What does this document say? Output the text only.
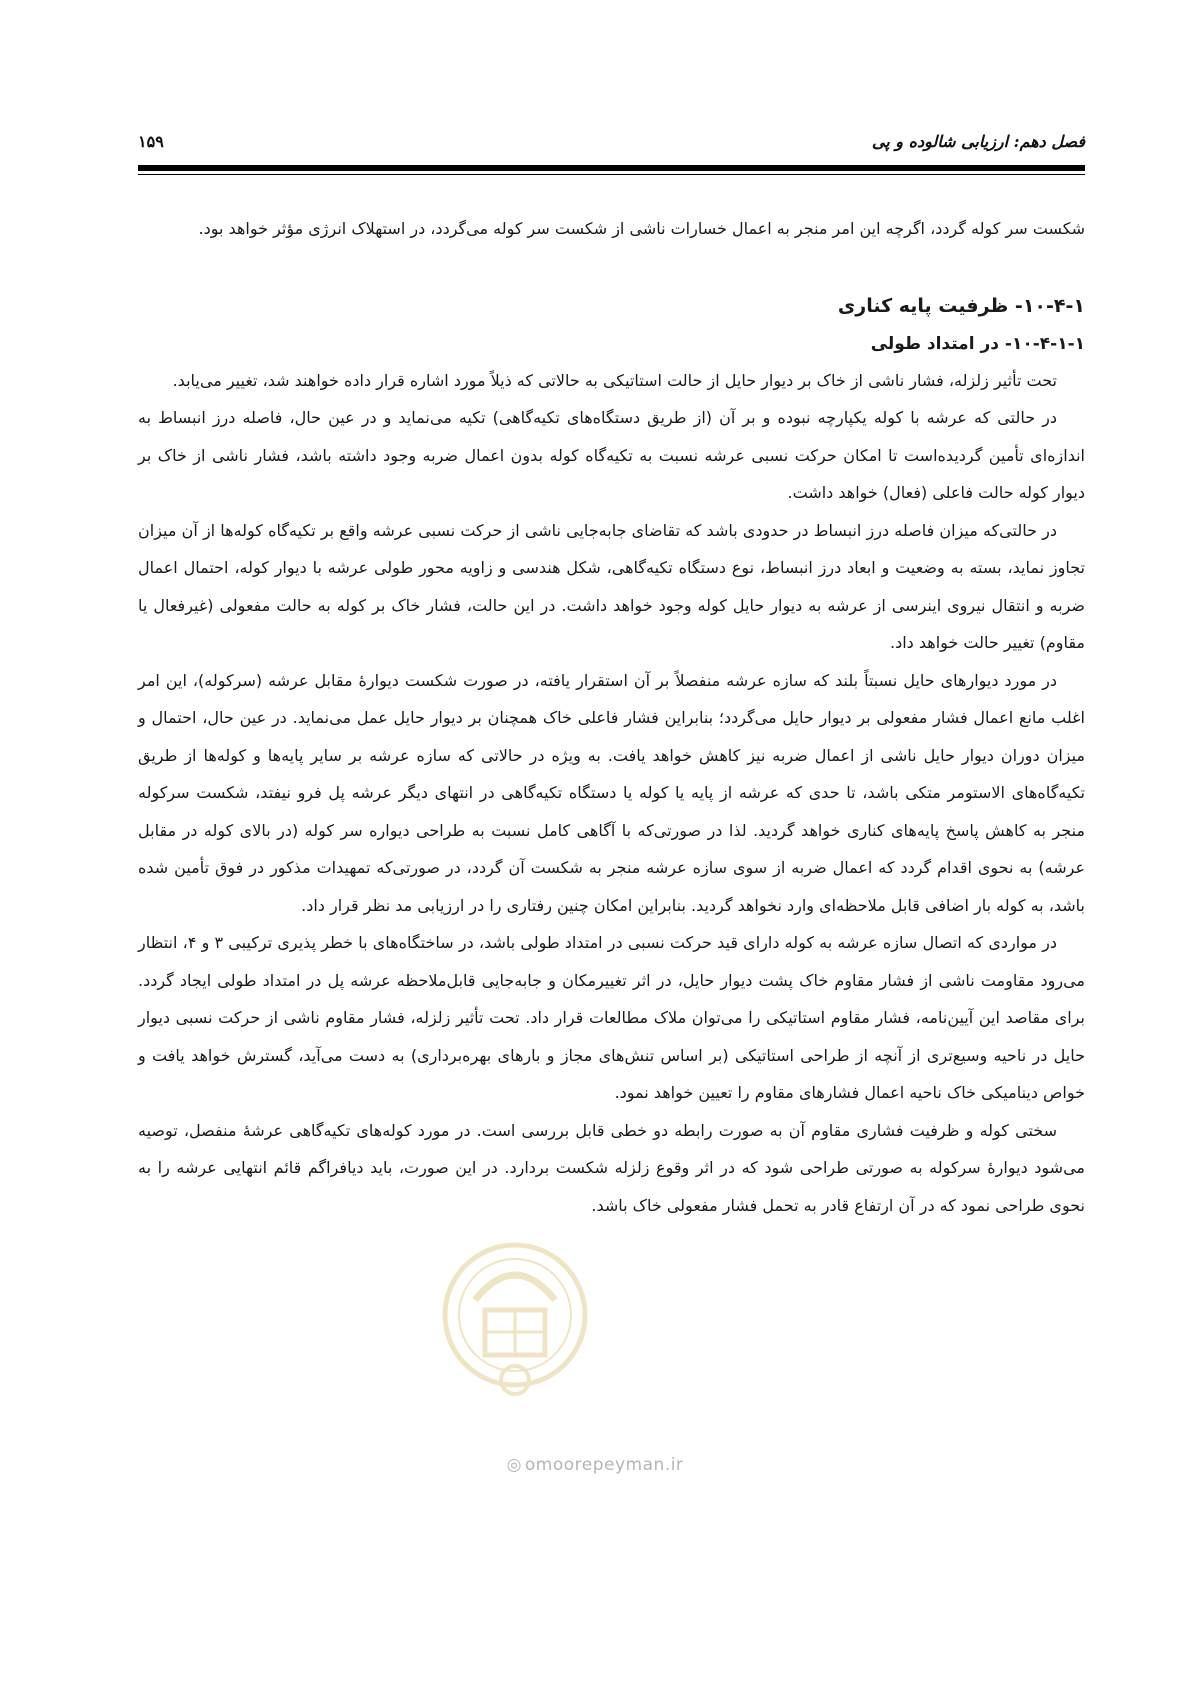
فصل دهم: ارزیابی شالوده و پی
۱۵۹

شکست سر کوله گردد، اگرچه این امر منجر به اعمال خسارات ناشی از شکست سر کوله می‌گردد، در استهلاک انرژی مؤثر خواهد بود.

۱۰-۴-۱- ظرفیت پایه کناری
۱۰-۴-۱-۱- در امتداد طولی

تحت تأثیر زلزله، فشار ناشی از خاک بر دیوار حایل از حالت استاتیکی به حالاتی که ذیلاً مورد اشاره قرار داده خواهند شد، تغییر می‌یابد.

در حالتی که عرشه با کوله یکپارچه نبوده و بر آن (از طریق دستگاه‌های تکیه‌گاهی) تکیه می‌نماید و در عین حال، فاصله درز انبساط به اندازه‌ای تأمین گردیده‌است تا امکان حرکت نسبی عرشه نسبت به تکیه‌گاه کوله بدون اعمال ضربه وجود داشته باشد، فشار ناشی از خاک بر دیوار کوله حالت فاعلی (فعال) خواهد داشت.

در حالتی‌که میزان فاصله درز انبساط در حدودی باشد که تقاضای جابه‌جایی ناشی از حرکت نسبی عرشه واقع بر تکیه‌گاه کوله‌ها از آن میزان تجاوز نماید، بسته به وضعیت و ابعاد درز انبساط، نوع دستگاه تکیه‌گاهی، شکل هندسی و زاویه محور طولی عرشه با دیوار کوله، احتمال اعمال ضربه و انتقال نیروی اینرسی از عرشه به دیوار حایل کوله وجود خواهد داشت. در این حالت، فشار خاک بر کوله به حالت مفعولی (غیرفعال یا مقاوم) تغییر حالت خواهد داد.

در مورد دیوارهای حایل نسبتاً بلند که سازه عرشه منفصلاً بر آن استقرار یافته، در صورت شکست دیوارهٔ مقابل عرشه (سرکوله)، این امر اغلب مانع اعمال فشار مفعولی بر دیوار حایل می‌گردد؛ بنابراین فشار فاعلی خاک همچنان بر دیوار حایل عمل می‌نماید. در عین حال، احتمال و میزان دوران دیوار حایل ناشی از اعمال ضربه نیز کاهش خواهد یافت. به ویژه در حالاتی که سازه عرشه بر سایر پایه‌ها و کوله‌ها از طریق تکیه‌گاه‌های الاستومر متکی باشد، تا حدی که عرشه از پایه یا کوله یا دستگاه تکیه‌گاهی در انتهای دیگر عرشه پل فرو نیفتد، شکست سرکوله منجر به کاهش پاسخ پایه‌های کناری خواهد گردید. لذا در صورتی‌که با آگاهی کامل نسبت به طراحی دیواره سر کوله (در بالای کوله در مقابل عرشه) به نحوی اقدام گردد که اعمال ضربه از سوی سازه عرشه منجر به شکست آن گردد، در صورتی‌که تمهیدات مذکور در فوق تأمین شده باشد، به کوله بار اضافی قابل ملاحظه‌ای وارد نخواهد گردید. بنابراین امکان چنین رفتاری را در ارزیابی مد نظر قرار داد.

در مواردی که اتصال سازه عرشه به کوله دارای قید حرکت نسبی در امتداد طولی باشد، در ساختگاه‌های با خطر پذیری ترکیبی ۳ و ۴، انتظار می‌رود مقاومت ناشی از فشار مقاوم خاک پشت دیوار حایل، در اثر تغییرمکان و جابه‌جایی قابل‌ملاحظه عرشه پل در امتداد طولی ایجاد گردد. برای مقاصد این آیین‌نامه، فشار مقاوم استاتیکی را می‌توان ملاک مطالعات قرار داد. تحت تأثیر زلزله، فشار مقاوم ناشی از حرکت نسبی دیوار حایل در ناحیه وسیع‌تری از آنچه از طراحی استاتیکی (بر اساس تنش‌های مجاز و بارهای بهره‌برداری) به دست می‌آید، گسترش خواهد یافت و خواص دینامیکی خاک ناحیه اعمال فشارهای مقاوم را تعیین خواهد نمود.

سختی کوله و ظرفیت فشاری مقاوم آن به صورت رابطه دو خطی قابل بررسی است. در مورد کوله‌های تکیه‌گاهی عرشهٔ منفصل، توصیه می‌شود دیوارهٔ سرکوله به صورتی طراحی شود که در اثر وقوع زلزله شکست بردارد. در این صورت، باید دیافراگم قائم انتهایی عرشه را به نحوی طراحی نمود که در آن ارتفاع قادر به تحمل فشار مفعولی خاک باشد.

◎ omoorepeyman.ir
